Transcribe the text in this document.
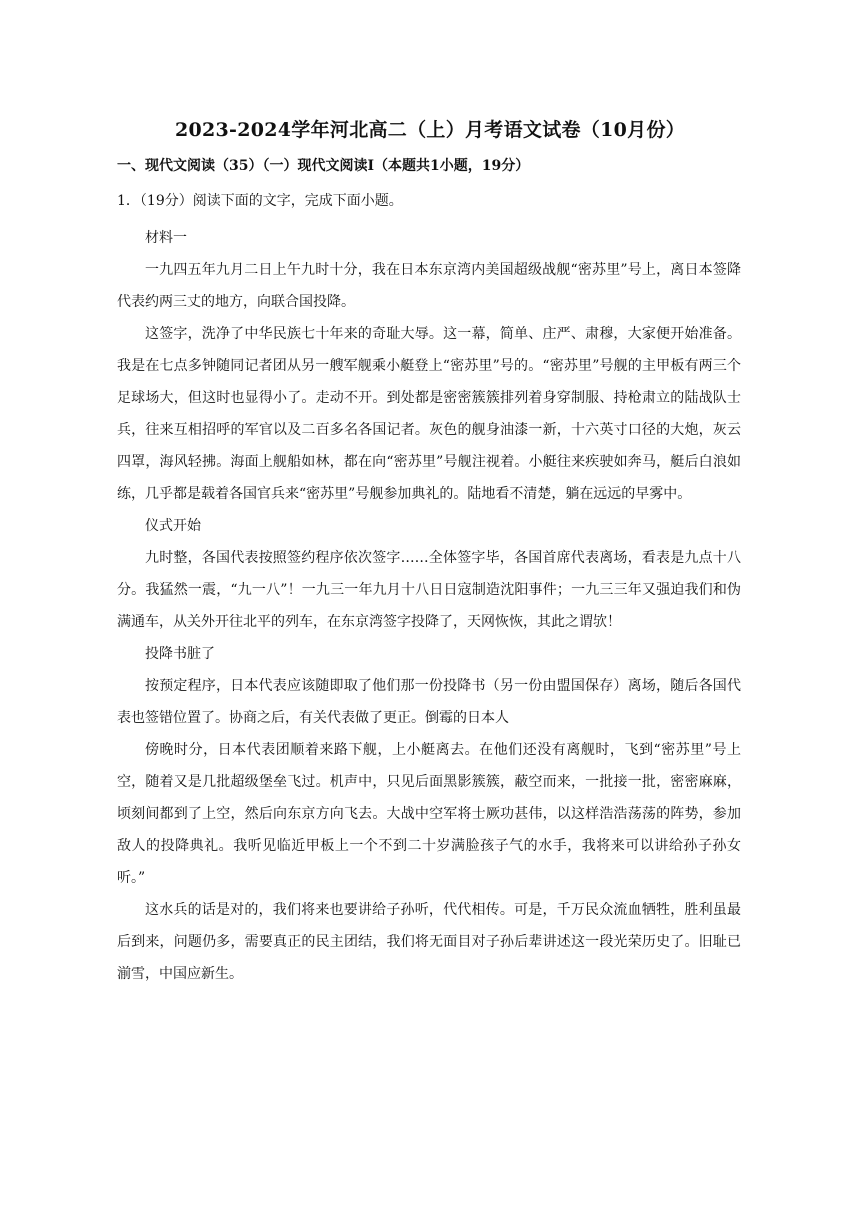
2023-2024学年河北高二（上）月考语文试卷（10月份）
一、现代文阅读（35）（一）现代文阅读Ⅰ（本题共1小题，19分）
1．（19分）阅读下面的文字，完成下面小题。

材料一

一九四五年九月二日上午九时十分，我在日本东京湾内美国超级战舰“密苏里”号上，离日本签降代表约两三丈的地方，向联合国投降。

这签字，洗净了中华民族七十年来的奇耻大辱。这一幕，简单、庄严、肃穆，大家便开始准备。我是在七点多钟随同记者团从另一艘军舰乘小艇登上“密苏里”号的。“密苏里”号舰的主甲板有两三个足球场大，但这时也显得小了。走动不开。到处都是密密簇簇排列着身穿制服、持枪肃立的陆战队士兵，往来互相招呼的军官以及二百多名各国记者。灰色的舰身油漆一新，十六英寸口径的大炮，灰云四罩，海风轻拂。海面上舰船如林，都在向“密苏里”号舰注视着。小艇往来疾驶如奔马，艇后白浪如练，几乎都是载着各国官兵来“密苏里”号舰参加典礼的。陆地看不清楚，躺在远远的早雾中。

仪式开始

九时整，各国代表按照签约程序依次签字……全体签字毕，各国首席代表离场，看表是九点十八分。我猛然一震，“九一八”！一九三一年九月十八日日寇制造沈阳事件；一九三三年又强迫我们和伪满通车，从关外开往北平的列车，在东京湾签字投降了，天网恢恢，其此之谓欤！

投降书脏了

按预定程序，日本代表应该随即取了他们那一份投降书（另一份由盟国保存）离场，随后各国代表也签错位置了。协商之后，有关代表做了更正。倒霉的日本人

傍晚时分，日本代表团顺着来路下舰，上小艇离去。在他们还没有离舰时，飞到“密苏里”号上空，随着又是几批超级堡垒飞过。机声中，只见后面黑影簇簇，蔽空而来，一批接一批，密密麻麻，顷刻间都到了上空，然后向东京方向飞去。大战中空军将士厥功甚伟，以这样浩浩荡荡的阵势，参加敌人的投降典礼。我听见临近甲板上一个不到二十岁满脸孩子气的水手，我将来可以讲给孙子孙女听。”

这水兵的话是对的，我们将来也要讲给子孙听，代代相传。可是，千万民众流血牺牲，胜利虽最后到来，问题仍多，需要真正的民主团结，我们将无面目对子孙后辈讲述这一段光荣历史了。旧耻已湔雪，中国应新生。
